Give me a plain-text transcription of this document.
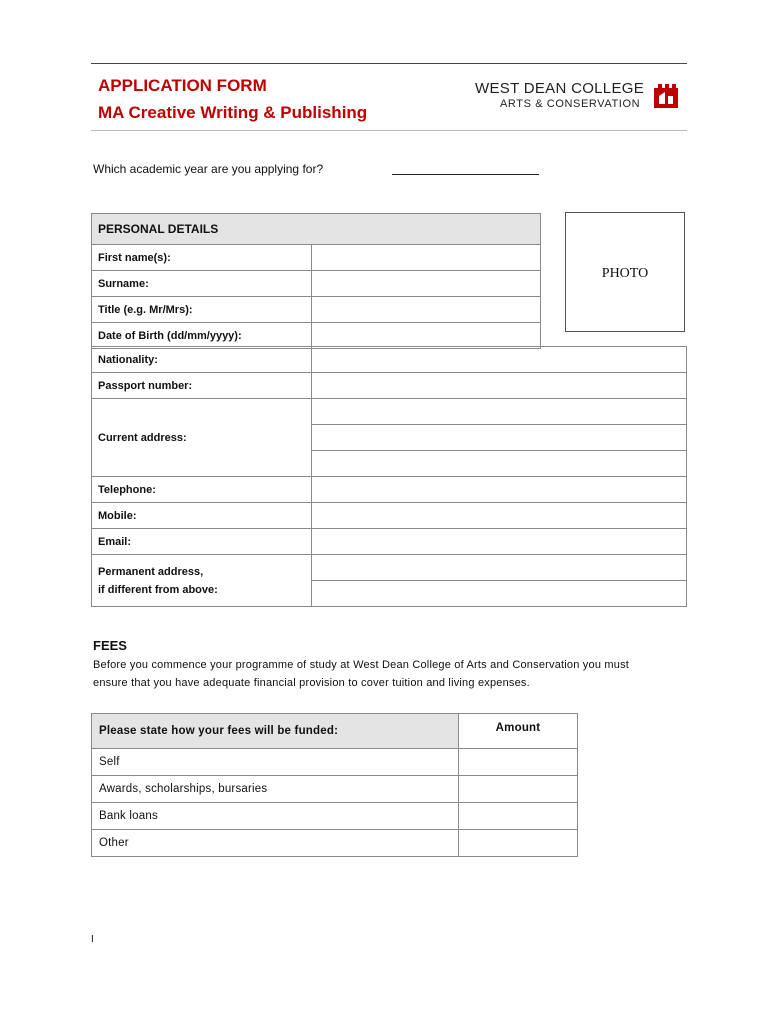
APPLICATION FORM
MA Creative Writing & Publishing
WEST DEAN COLLEGE
ARTS & CONSERVATION
Which academic year are you applying for?
PHOTO
PERSONAL DETAILS	
First name(s):	
Surname:	
Title (e.g. Mr/Mrs):	
Date of Birth (dd/mm/yyyy):	
Nationality:	
Passport number:	
Current address:	

Telephone:	
Mobile:	
Email:	

Permanent address,
if different from above:	

FEES
Before you commence your programme of study at West Dean College of Arts and Conservation you must
ensure that you have adequate financial provision to cover tuition and living expenses.
Please state how your fees will be funded:	Amount
Self	
Awards, scholarships, bursaries	
Bank loans	
Other	
I
